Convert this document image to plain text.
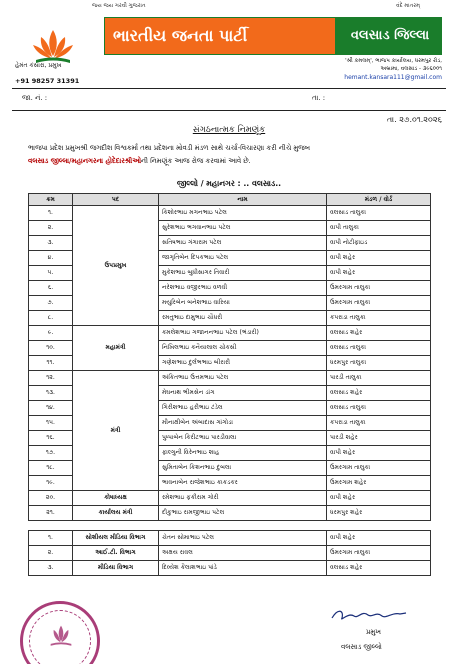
જય જય ગરવી ગુજરાત	વંદે માતરમ્
ભારતીય જનતા પાર્ટી	વલસાડ જિલ્લા
હેમંત કંસારા, પ્રમુખ
+91 98257 31391
'શ્રી કમલમ્', ભાજપ કાર્યાલય, ધરમપુર રોડ,
અબ્રામા, વલસાડ - ૩૯૬૦૦૧
hemant.kansara111@gmail.com
જા. નં. :	તા. :
તા. ૨૭.૦૧.૨૦૨૬
સંગઠનાત્મક નિમણૂંક
ભાજપા પ્રદેશ પ્રમુખશ્રી જગદીશ વિશ્વકર્મા તથા પ્રદેશના મોવડી મંડળ સાથે ચર્ચા-વિચારણા કરી નીચે મુજબ
વલસાડ જીલ્લા/મહાનગરના હોદેદારશ્રીઓની નિમણૂંક આજ રોજ કરવામાં આવે છે.
જીલ્લો / મહાનગર : .. વલસાડ..
ક્રમ	પદ	નામ	મંડળ / વોર્ડ
૧.	ઉપપ્રમુખ	કિશોરભાઇ મગનભાઇ પટેલ	વલસાડ તાલુકા
૨.		સુરેશભાઇ ભગવાનભાઇ પટેલ	વાપી તાલુકા
૩.		સતિષભાઇ ગંગારામ પટેલ	વાપી નોટીફાઇડ
૪.		જાગૃતિબેન દિપકભાઇ પટેલ	વાપી શહેર
૫.		મુકેશભાઇ બુધીસાગર તિવારી	વાપી શહેર
૬.		નરેશભાઇ વજીરભાઇ વળવી	ઉમરગામ તાલુકા
૭.		મયુરિબેન બનેશભાઇ વારિયા	ઉમરગામ તાલુકા
૮.		રમતુભાઇ દામુભાઇ ચૌધરી	કપરાડા તાલુકા
૯.	મહામંત્રી	કમલેશભાઇ ગજાનનભાઇ પટેલ (ભંડારી)	વલસાડ શહેર
૧૦.		નિખિલભાઇ કનૈયાલાલ ચોકસી	વલસાડ તાલુકા
૧૧.		ગણેશભાઇ દુર્લભભાઇ બીરારી	ધરમપુર તાલુકા
૧૨.	મંત્રી	અંકિતભાઇ ઉત્તમભાઇ પટેલ	પારડી તાલુકા
૧૩.		મેઘનાથ ભીમસેન ડાંગ	વલસાડ શહેર
૧૪.		ગિરીશભાઇ હરીભાઇ ટંડેલ	વલસાડ તાલુકા
૧૫.		મીનાક્ષીબેન અંબાદાસ ગાંગોડા	કપરાડા તાલુકા
૧૬.		પુષ્પાબેન કિરીટભાઇ પારડીવાલા	પારડી શહેર
૧૭.		ફાલ્ગુની વિરેનભાઇ શાહ	વાપી શહેર
૧૮.		સુમિતાબેન કિશનભાઇ દુબલા	ઉમરગામ તાલુકા
૧૯.		ભાવનાબેન રાજેશભાઇ કાકડકર	ઉમરગામ શહેર
૨૦.	કોષાધ્યક્ષ	રમેશભાઇ ફકીરામ ગોરી	વાપી શહેર
૨૧.	કાર્યાલય મંત્રી	દીકુભાઇ રામજીભાઇ પટેલ	ધરમપુર શહેર

૧.	સોશીયલ મીડિયા વિભાગ	ચેતન સોમાભાઇ પટેલ	વાપી શહેર
૨.	આઈ.ટી. વિભાગ	અક્ષય રાવલ	ઉમરગામ તાલુકા
૩.	મીડિયા વિભાગ	દિવ્યેશ કૈલાશભાઇ પાંડે	વલસાડ શહેર
પ્રમુખ
વલસાડ જીલ્લો
